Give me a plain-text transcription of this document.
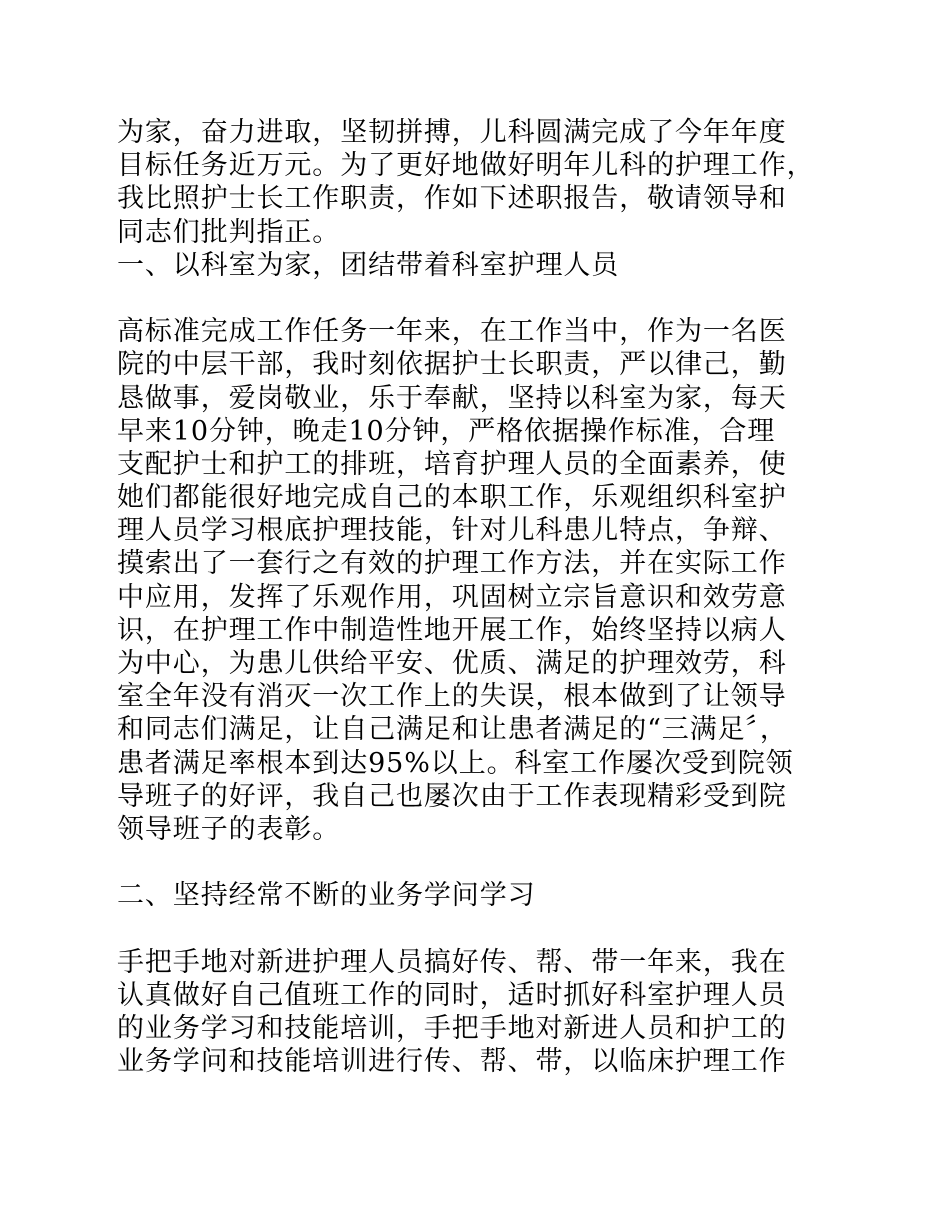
为家，奋力进取，坚韧拼搏，儿科圆满完成了今年年度
目标任务近万元。为了更好地做好明年儿科的护理工作，
我比照护士长工作职责，作如下述职报告，敬请领导和
同志们批判指正。
一、以科室为家，团结带着科室护理人员
高标准完成工作任务一年来，在工作当中，作为一名医
院的中层干部，我时刻依据护士长职责，严以律己，勤
恳做事，爱岗敬业，乐于奉献，坚持以科室为家，每天
早来10分钟，晚走10分钟，严格依据操作标准，合理
支配护士和护工的排班，培育护理人员的全面素养，使
她们都能很好地完成自己的本职工作，乐观组织科室护
理人员学习根底护理技能，针对儿科患儿特点，争辩、
摸索出了一套行之有效的护理工作方法，并在实际工作
中应用，发挥了乐观作用，巩固树立宗旨意识和效劳意
识，在护理工作中制造性地开展工作，始终坚持以病人
为中心，为患儿供给平安、优质、满足的护理效劳，科
室全年没有消灭一次工作上的失误，根本做到了让领导
和同志们满足，让自己满足和让患者满足的“三满足〞，
患者满足率根本到达95%以上。科室工作屡次受到院领
导班子的好评，我自己也屡次由于工作表现精彩受到院
领导班子的表彰。
二、坚持经常不断的业务学问学习
手把手地对新进护理人员搞好传、帮、带一年来，我在
认真做好自己值班工作的同时，适时抓好科室护理人员
的业务学习和技能培训，手把手地对新进人员和护工的
业务学问和技能培训进行传、帮、带，以临床护理工作
